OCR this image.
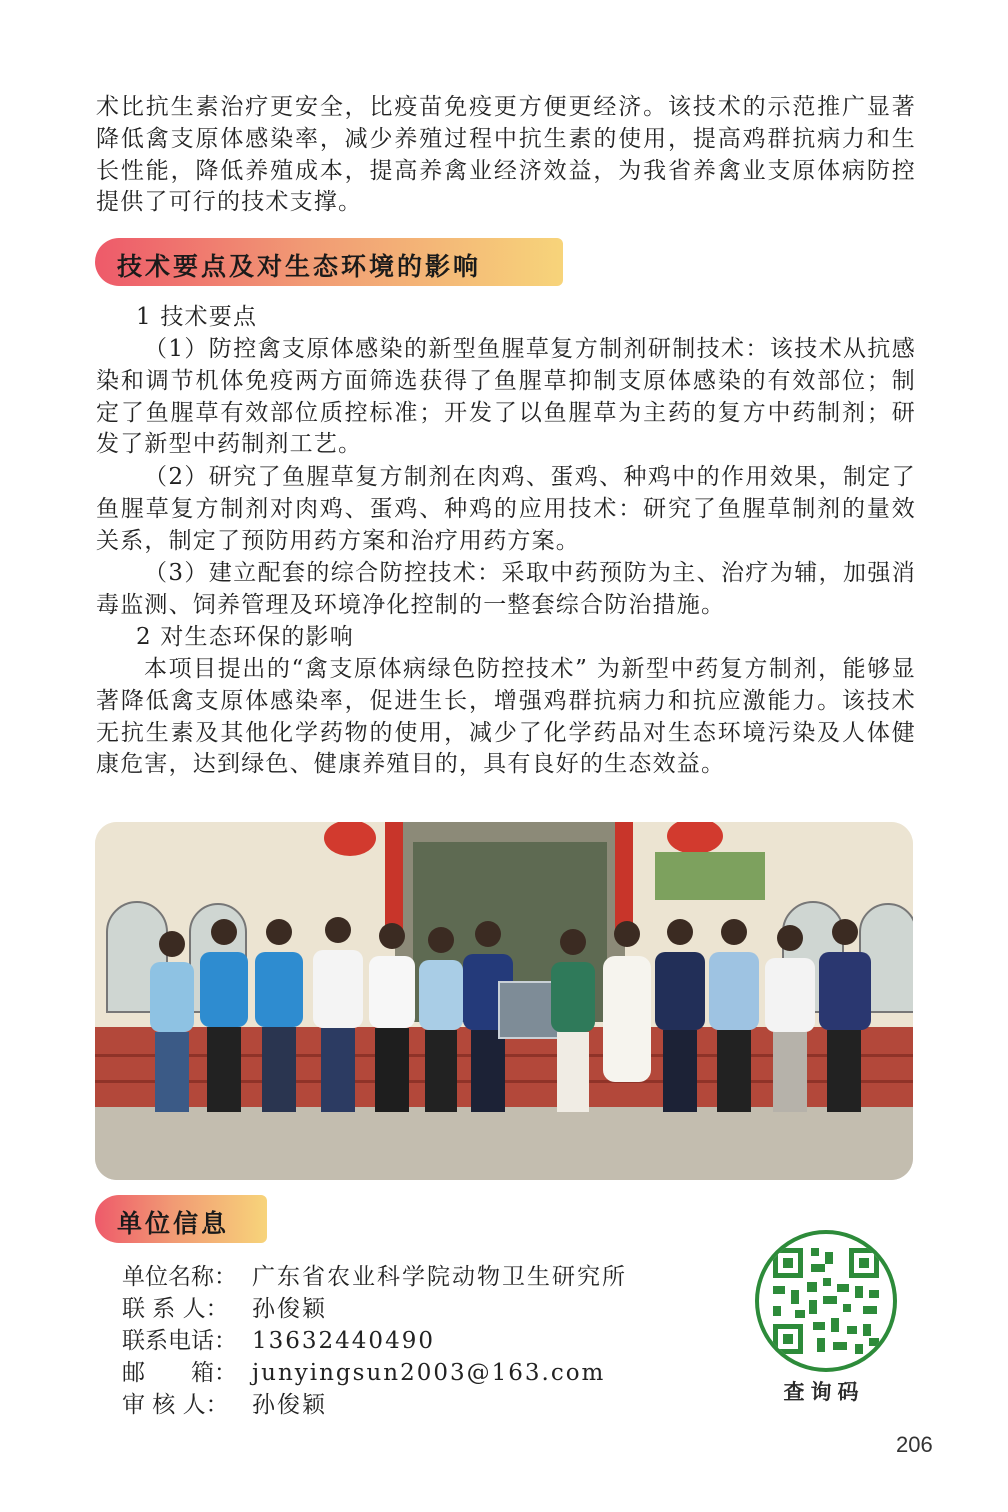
术比抗生素治疗更安全，比疫苗免疫更方便更经济。该技术的示范推广显著降低禽支原体感染率，减少养殖过程中抗生素的使用，提高鸡群抗病力和生长性能，降低养殖成本，提高养禽业经济效益，为我省养禽业支原体病防控提供了可行的技术支撑。
技术要点及对生态环境的影响
1 技术要点
（1）防控禽支原体感染的新型鱼腥草复方制剂研制技术：该技术从抗感染和调节机体免疫两方面筛选获得了鱼腥草抑制支原体感染的有效部位；制定了鱼腥草有效部位质控标准；开发了以鱼腥草为主药的复方中药制剂；研发了新型中药制剂工艺。
（2）研究了鱼腥草复方制剂在肉鸡、蛋鸡、种鸡中的作用效果，制定了鱼腥草复方制剂对肉鸡、蛋鸡、种鸡的应用技术：研究了鱼腥草制剂的量效关系，制定了预防用药方案和治疗用药方案。
（3）建立配套的综合防控技术：采取中药预防为主、治疗为辅，加强消毒监测、饲养管理及环境净化控制的一整套综合防治措施。
2 对生态环保的影响
本项目提出的“禽支原体病绿色防控技术” 为新型中药复方制剂，能够显著降低禽支原体感染率，促进生长，增强鸡群抗病力和抗应激能力。该技术无抗生素及其他化学药物的使用，减少了化学药品对生态环境污染及人体健康危害，达到绿色、健康养殖目的，具有良好的生态效益。
单位信息
单位名称： 广东省农业科学院动物卫生研究所
联 系 人： 孙俊颖
联系电话： 13632440490
邮　　箱： junyingsun2003@163.com
审 核 人： 孙俊颖	查询码
206
